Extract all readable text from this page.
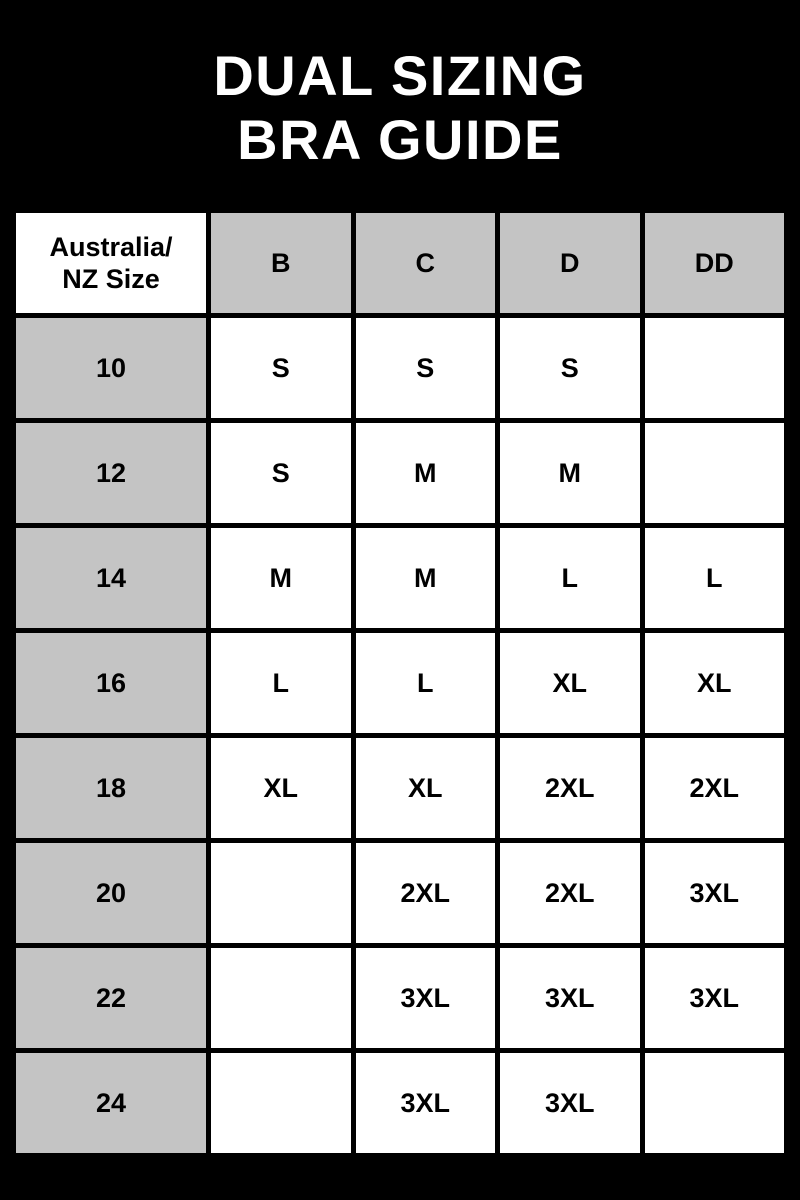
DUAL SIZING
BRA GUIDE
Australia/
NZ Size	B	C	D	DD
10	S	S	S	
12	S	M	M	
14	M	M	L	L
16	L	L	XL	XL
18	XL	XL	2XL	2XL
20		2XL	2XL	3XL
22		3XL	3XL	3XL
24		3XL	3XL	
